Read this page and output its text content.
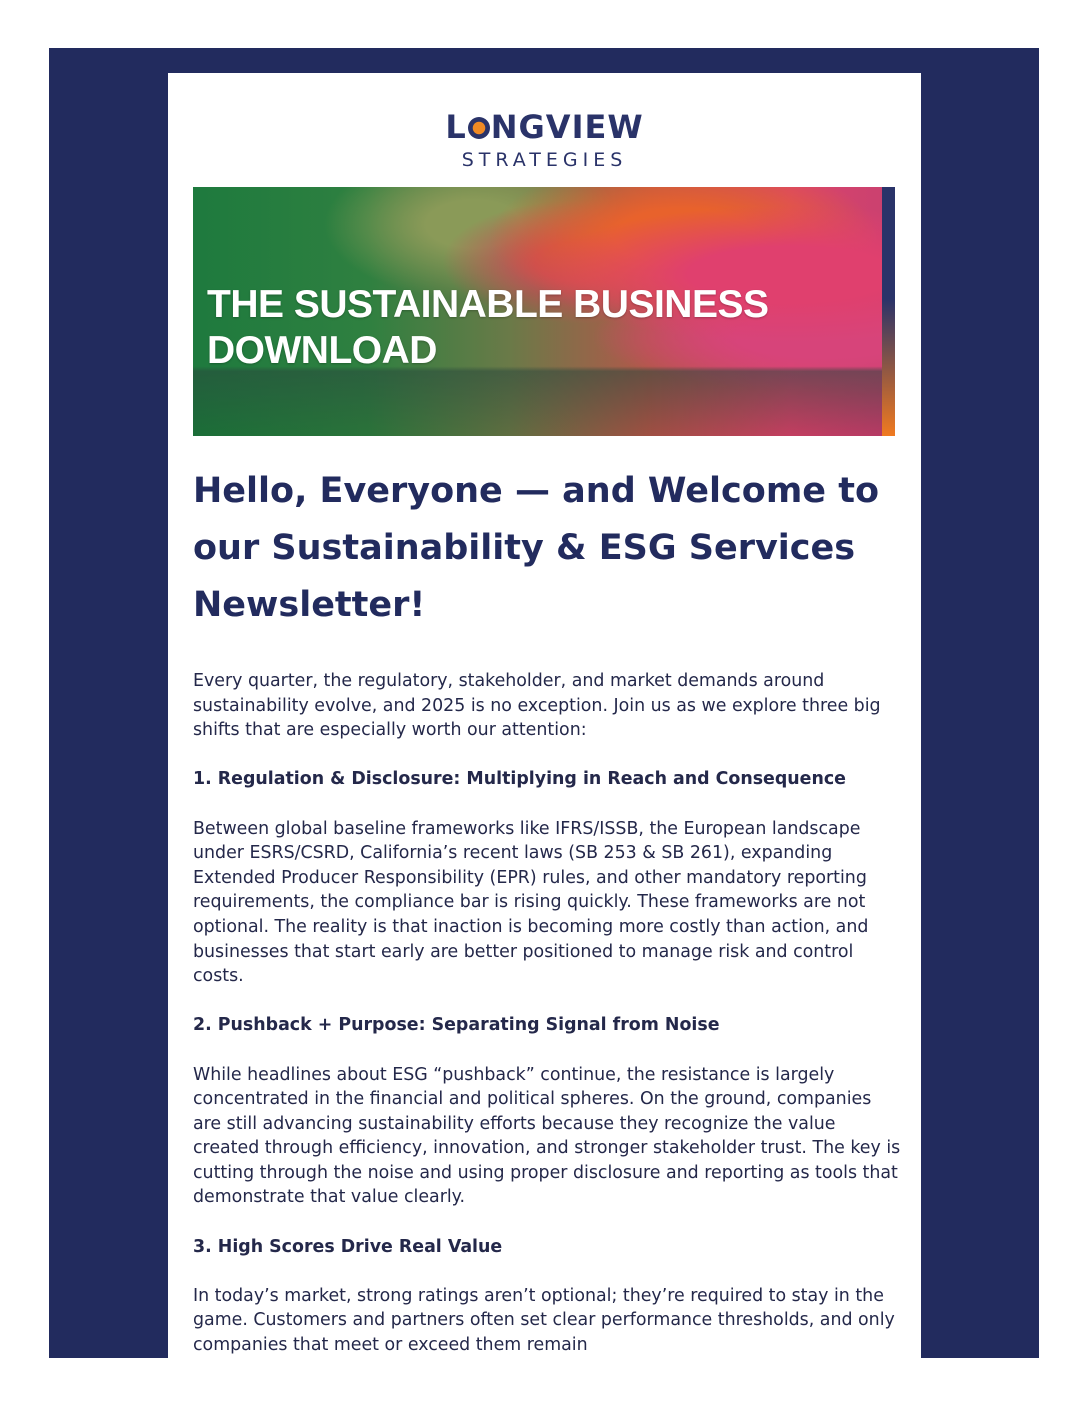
L NGVIEW
STRATEGIES
THE SUSTAINABLE BUSINESS DOWNLOAD
Hello, Everyone — and Welcome to our Sustainability & ESG Services Newsletter!

Every quarter, the regulatory, stakeholder, and market demands around sustainability evolve, and 2025 is no exception. Join us as we explore three big shifts that are especially worth our attention:

1. Regulation & Disclosure: Multiplying in Reach and Consequence

Between global baseline frameworks like IFRS/ISSB, the European landscape under ESRS/CSRD, California’s recent laws (SB 253 & SB 261), expanding Extended Producer Responsibility (EPR) rules, and other mandatory reporting requirements, the compliance bar is rising quickly. These frameworks are not optional. The reality is that inaction is becoming more costly than action, and businesses that start early are better positioned to manage risk and control costs.

2. Pushback + Purpose: Separating Signal from Noise

While headlines about ESG “pushback” continue, the resistance is largely concentrated in the financial and political spheres. On the ground, companies are still advancing sustainability efforts because they recognize the value created through efficiency, innovation, and stronger stakeholder trust. The key is cutting through the noise and using proper disclosure and reporting as tools that demonstrate that value clearly.

3. High Scores Drive Real Value

In today’s market, strong ratings aren’t optional; they’re required to stay in the game. Customers and partners often set clear performance thresholds, and only companies that meet or exceed them remain
